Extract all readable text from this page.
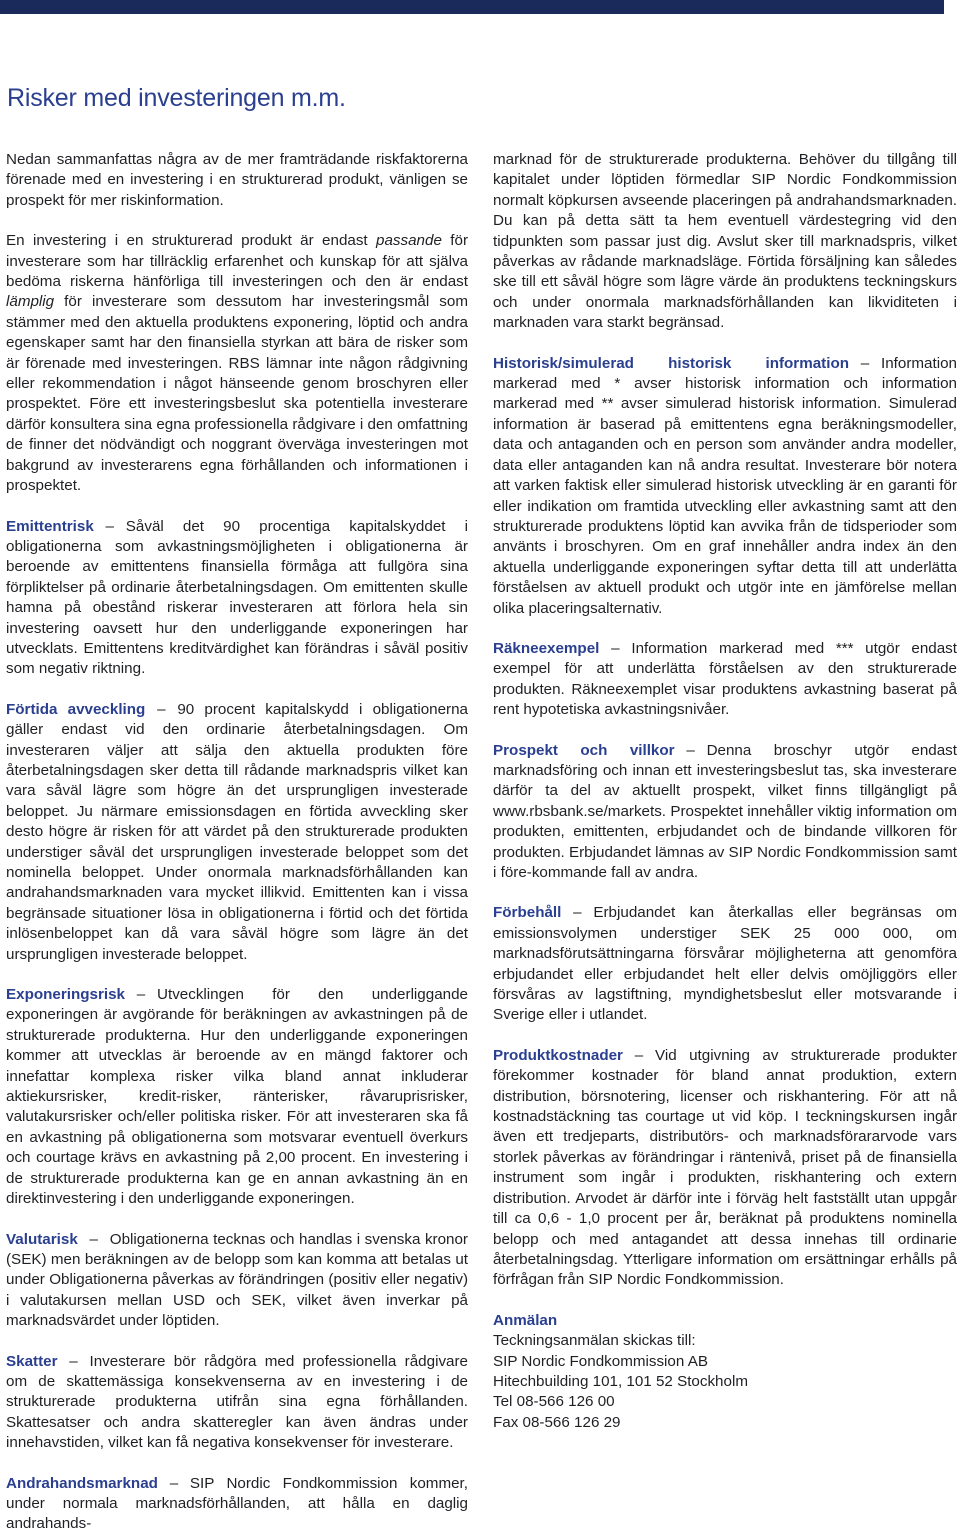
Risker med investeringen m.m.

Nedan sammanfattas några av de mer framträdande riskfaktorerna förenade med en investering i en strukturerad produkt, vänligen se prospekt för mer riskinformation.

En investering i en strukturerad produkt är endast passande för investerare som har tillräcklig erfarenhet och kunskap för att själva bedöma riskerna hänförliga till investeringen och den är endast lämplig för investerare som dessutom har investeringsmål som stämmer med den aktuella produktens exponering, löptid och andra egenskaper samt har den finansiella styrkan att bära de risker som är förenade med investeringen. RBS lämnar inte någon rådgivning eller rekommendation i något hänseende genom broschyren eller prospektet. Före ett investeringsbeslut ska potentiella investerare därför konsultera sina egna professionella rådgivare i den omfattning de finner det nödvändigt och noggrant överväga investeringen mot bakgrund av investerarens egna förhållanden och informationen i prospektet.

Emittentrisk – Såväl det 90 procentiga kapitalskyddet i obligationerna som avkastningsmöjligheten i obligationerna är beroende av emittentens finansiella förmåga att fullgöra sina förpliktelser på ordinarie återbetalningsdagen. Om emittenten skulle hamna på obestånd riskerar investeraren att förlora hela sin investering oavsett hur den underliggande exponeringen har utvecklats. Emittentens kreditvärdighet kan förändras i såväl positiv som negativ riktning.

Förtida avveckling – 90 procent kapitalskydd i obligationerna gäller endast vid den ordinarie återbetalningsdagen. Om investeraren väljer att sälja den aktuella produkten före återbetalningsdagen sker detta till rådande marknadspris vilket kan vara såväl lägre som högre än det ursprungligen investerade beloppet. Ju närmare emissionsdagen en förtida avveckling sker desto högre är risken för att värdet på den strukturerade produkten understiger såväl det ursprungligen investerade beloppet som det nominella beloppet. Under onormala marknadsförhållanden kan andrahandsmarknaden vara mycket illikvid. Emittenten kan i vissa begränsade situationer lösa in obligationerna i förtid och det förtida inlösenbeloppet kan då vara såväl högre som lägre än det ursprungligen investerade beloppet.

Exponeringsrisk – Utvecklingen för den underliggande exponeringen är avgörande för beräkningen av avkastningen på de strukturerade produkterna. Hur den underliggande exponeringen kommer att utvecklas är beroende av en mängd faktorer och innefattar komplexa risker vilka bland annat inkluderar aktiekursrisker, kredit-risker, ränterisker, råvaruprisrisker, valutakursrisker och/eller politiska risker. För att investeraren ska få en avkastning på obligationerna som motsvarar eventuell överkurs och courtage krävs en avkastning på 2,00 procent. En investering i de strukturerade produkterna kan ge en annan avkastning än en direktinvestering i den underliggande exponeringen.

Valutarisk – Obligationerna tecknas och handlas i svenska kronor (SEK) men beräkningen av de belopp som kan komma att betalas ut under Obligationerna påverkas av förändringen (positiv eller negativ) i valutakursen mellan USD och SEK, vilket även inverkar på marknadsvärdet under löptiden.

Skatter – Investerare bör rådgöra med professionella rådgivare om de skattemässiga konsekvenserna av en investering i de strukturerade produkterna utifrån sina egna förhållanden. Skattesatser och andra skatteregler kan även ändras under innehavstiden, vilket kan få negativa konsekvenser för investerare.

Andrahandsmarknad – SIP Nordic Fondkommission kommer, under normala marknadsförhållanden, att hålla en daglig andrahands-

marknad för de strukturerade produkterna. Behöver du tillgång till kapitalet under löptiden förmedlar SIP Nordic Fondkommission normalt köpkursen avseende placeringen på andrahandsmarknaden. Du kan på detta sätt ta hem eventuell värdestegring vid den tidpunkten som passar just dig. Avslut sker till marknadspris, vilket påverkas av rådande marknadsläge. Förtida försäljning kan således ske till ett såväl högre som lägre värde än produktens teckningskurs och under onormala marknadsförhållanden kan likviditeten i marknaden vara starkt begränsad.

Historisk/simulerad historisk information – Information markerad med * avser historisk information och information markerad med ** avser simulerad historisk information. Simulerad information är baserad på emittentens egna beräkningsmodeller, data och antaganden och en person som använder andra modeller, data eller antaganden kan nå andra resultat. Investerare bör notera att varken faktisk eller simulerad historisk utveckling är en garanti för eller indikation om framtida utveckling eller avkastning samt att den strukturerade produktens löptid kan avvika från de tidsperioder som använts i broschyren. Om en graf innehåller andra index än den aktuella underliggande exponeringen syftar detta till att underlätta förståelsen av aktuell produkt och utgör inte en jämförelse mellan olika placeringsalternativ.

Räkneexempel – Information markerad med *** utgör endast exempel för att underlätta förståelsen av den strukturerade produkten. Räkneexemplet visar produktens avkastning baserat på rent hypotetiska avkastningsnivåer.

Prospekt och villkor – Denna broschyr utgör endast marknadsföring och innan ett investeringsbeslut tas, ska investerare därför ta del av aktuellt prospekt, vilket finns tillgängligt på www.rbsbank.se/markets. Prospektet innehåller viktig information om produkten, emittenten, erbjudandet och de bindande villkoren för produkten. Erbjudandet lämnas av SIP Nordic Fondkommission samt i före-kommande fall av andra.

Förbehåll – Erbjudandet kan återkallas eller begränsas om emissionsvolymen understiger SEK 25 000 000, om marknadsförutsättningarna försvårar möjligheterna att genomföra erbjudandet eller erbjudandet helt eller delvis omöjliggörs eller försvåras av lagstiftning, myndighetsbeslut eller motsvarande i Sverige eller i utlandet.

Produktkostnader – Vid utgivning av strukturerade produkter förekommer kostnader för bland annat produktion, extern distribution, börsnotering, licenser och riskhantering. För att nå kostnadstäckning tas courtage ut vid köp. I teckningskursen ingår även ett tredjeparts, distributörs- och marknadsförararvode vars storlek påverkas av förändringar i räntenivå, priset på de finansiella instrument som ingår i produkten, riskhantering och extern distribution. Arvodet är därför inte i förväg helt fastställt utan uppgår till ca 0,6 - 1,0 procent per år, beräknat på produktens nominella belopp och med antagandet att dessa innehas till ordinarie återbetalningsdag. Ytterligare information om ersättningar erhålls på förfrågan från SIP Nordic Fondkommission.

Anmälan
Teckningsanmälan skickas till:
SIP Nordic Fondkommission AB
Hitechbuilding 101, 101 52 Stockholm
Tel 08-566 126 00
Fax 08-566 126 29
